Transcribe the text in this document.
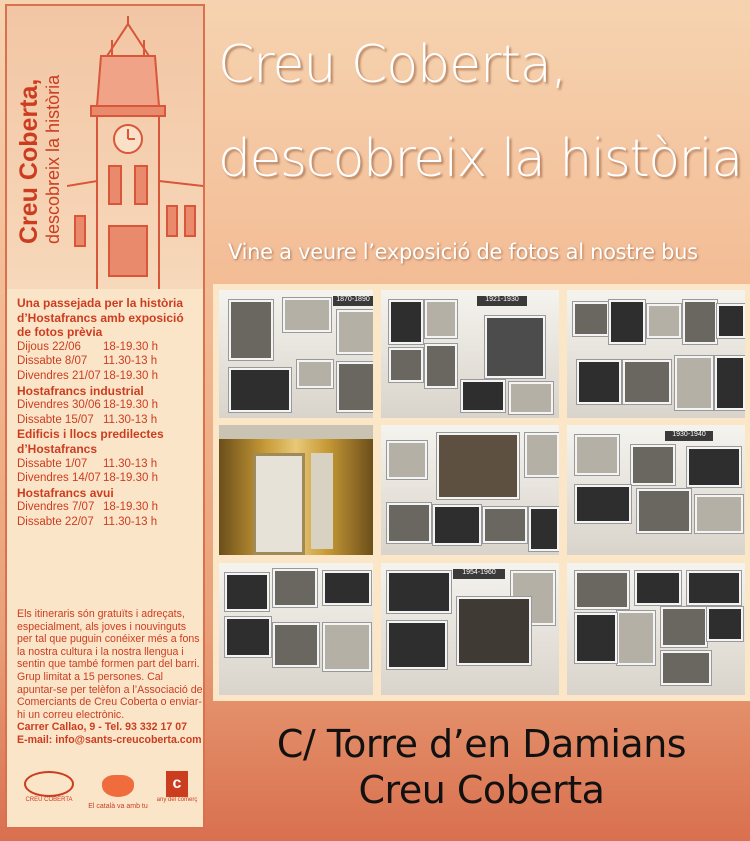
Creu Coberta, descobreix la història
Una passejada per la història d’Hostafrancs amb exposició de fotos prèvia
Dijous 22/06	18-19.30 h
Dissabte 8/07	11.30-13 h
Divendres 21/07 18-19.30 h
Hostafrancs industrial
Divendres 30/06 18-19.30 h
Dissabte 15/07 11.30-13 h
Edificis i llocs predilectes d’Hostafrancs
Dissabte 1/07	11.30-13 h
Divendres 14/07 18-19.30 h
Hostafrancs avui
Divendres 7/07 18-19.30 h
Dissabte 22/07 11.30-13 h
Els itineraris són gratuïts i adreçats, especialment, als joves i nouvinguts per tal que puguin conéixer més a fons la nostra cultura i la nostra llengua i sentin que també formen part del barri. Grup limitat a 15 persones. Cal apuntar-se per telèfon a l’Associació de Comerciants de Creu Coberta o enviar-hi un correu electrònic.
Carrer Callao, 9 - Tel. 93 332 17 07
E-mail: info@sants-creucoberta.com
CREU COBERTA
El català va amb tu
c
any del comerç
Creu Coberta,
descobreix la història
Vine a veure l’exposició de fotos al nostre bus
1870-1890	1921-1930
1930-1940
1954-1960
C/ Torre d’en Damians
Creu Coberta
